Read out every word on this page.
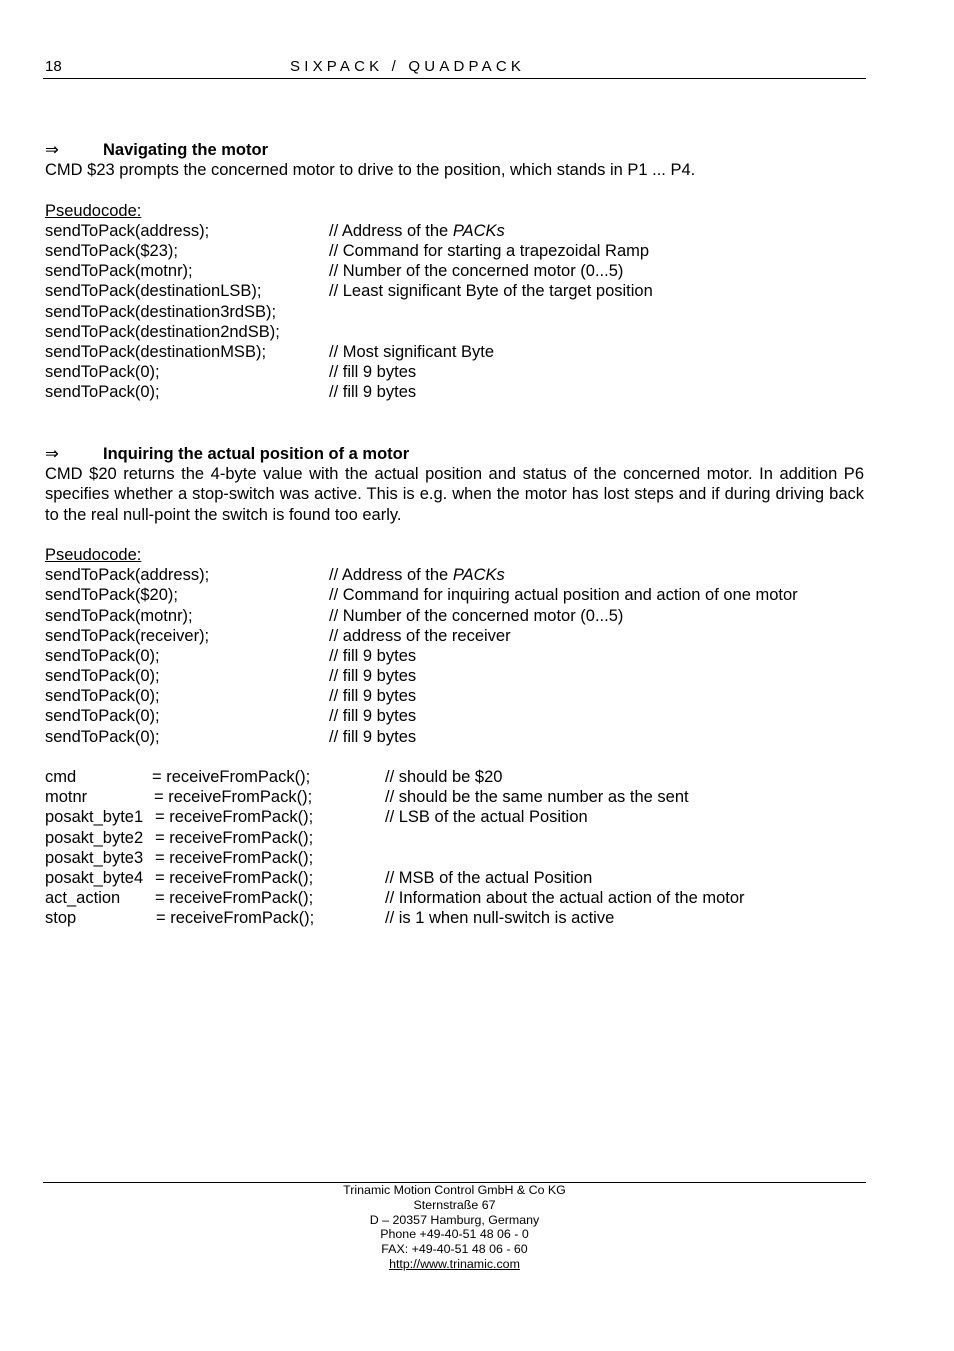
18	SIXPACK / QUADPACK
⇒	Navigating the motor
CMD $23 prompts the concerned motor to drive to the position, which stands in P1 ... P4.
Pseudocode:
sendToPack(address);	// Address of the PACKs
sendToPack($23);	// Command for starting a trapezoidal Ramp
sendToPack(motnr);	// Number of the concerned motor (0...5)
sendToPack(destinationLSB);	// Least significant Byte of the target position
sendToPack(destination3rdSB);
sendToPack(destination2ndSB);
sendToPack(destinationMSB);	// Most significant Byte
sendToPack(0);	// fill 9 bytes
sendToPack(0);	// fill 9 bytes
⇒	Inquiring the actual position of a motor
CMD $20 returns the 4-byte value with the actual position and status of the concerned motor. In addition P6 specifies whether a stop-switch was active. This is e.g. when the motor has lost steps and if during driving back to the real null-point the switch is found too early.
Pseudocode:
sendToPack(address);	// Address of the PACKs
sendToPack($20);	// Command for inquiring actual position and action of one motor
sendToPack(motnr);	// Number of the concerned motor (0...5)
sendToPack(receiver);	// address of the receiver
sendToPack(0);	// fill 9 bytes
sendToPack(0);	// fill 9 bytes
sendToPack(0);	// fill 9 bytes
sendToPack(0);	// fill 9 bytes
sendToPack(0);	// fill 9 bytes
cmd	= receiveFromPack();	// should be $20
motnr	= receiveFromPack();	// should be the same number as the sent
posakt_byte1 = receiveFromPack();	// LSB of the actual Position
posakt_byte2 = receiveFromPack();
posakt_byte3 = receiveFromPack();
posakt_byte4 = receiveFromPack();	// MSB of the actual Position
act_action = receiveFromPack();	// Information about the actual action of the motor
stop	= receiveFromPack();	// is 1 when null-switch is active
Trinamic Motion Control GmbH & Co KG
Sternstraße 67
D – 20357 Hamburg, Germany
Phone +49-40-51 48 06 - 0
FAX: +49-40-51 48 06 - 60
http://www.trinamic.com
